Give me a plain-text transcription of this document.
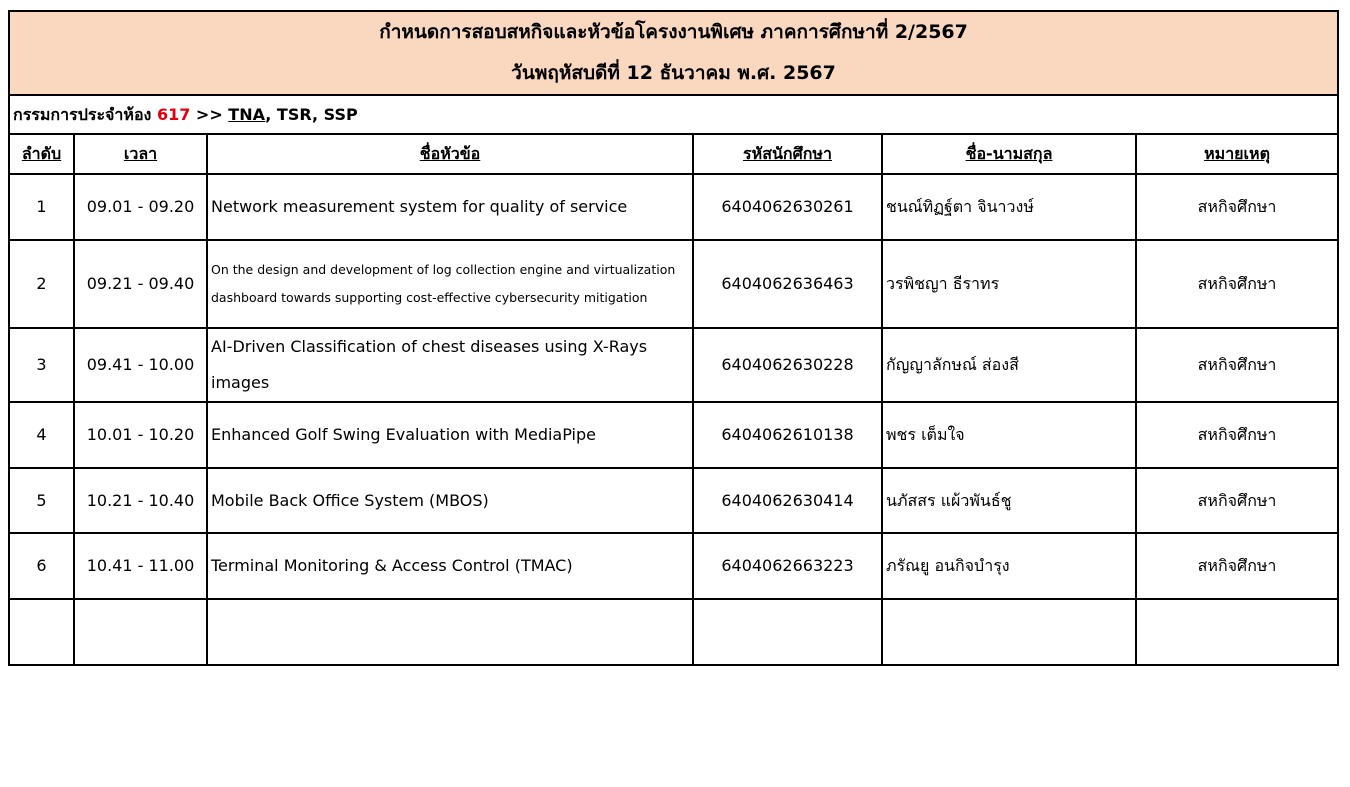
กำหนดการสอบสหกิจและหัวข้อโครงงานพิเศษ ภาคการศึกษาที่ 2/2567
วันพฤหัสบดีที่ 12 ธันวาคม พ.ศ. 2567					

กรรมการประจำห้อง 617 >> TNA, TSR, SSP					
ลำดับ	เวลา	ชื่อหัวข้อ	รหัสนักศึกษา	ชื่อ-นามสกุล	หมายเหตุ
1	09.01 - 09.20	Network measurement system for quality of service	6404062630261	ชนณ์ทิฏฐ์ตา จินาวงษ์	สหกิจศึกษา
2	09.21 - 09.40	On the design and development of log collection engine and virtualization dashboard towards supporting cost-effective cybersecurity mitigation	6404062636463	วรพิชญา ธีราทร	สหกิจศึกษา
3	09.41 - 10.00	AI-Driven Classification of chest diseases using X-Rays images	6404062630228	กัญญาลักษณ์ ส่องสี	สหกิจศึกษา
4	10.01 - 10.20	Enhanced Golf Swing Evaluation with MediaPipe	6404062610138	พชร เต็มใจ	สหกิจศึกษา
5	10.21 - 10.40	Mobile Back Office System (MBOS)	6404062630414	นภัสสร แผ้วพันธ์ชู	สหกิจศึกษา
6	10.41 - 11.00	Terminal Monitoring & Access Control (TMAC)	6404062663223	ภรัณยู อนกิจบำรุง	สหกิจศึกษา
